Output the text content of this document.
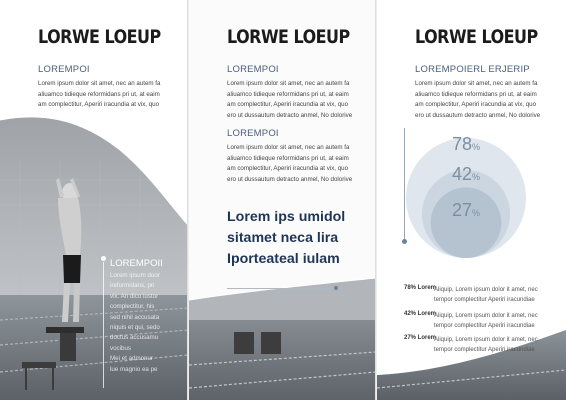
LORWE LOEUP
LOREMPOI
Lorem ipsum dolor sit amet, nec an autem fa
aliuamco tidieque reformidans pri ut, at eaim
am complectitur, Aperiri iracundia at vix, quo
LOREMPOII
Lorem ipsum door
ireformidans, pri
vix. An dico iustor
complectitur, his
sed nihil accusata
niquis et qui, sedo
doctus accusamu
vocibus
Mei et admonur
lue magnio ea pe
LORWE LOEUP
LOREMPOI
Lorem ipsum dolor sit amet, nec an autem fa
aliuamco tidieque reformidans pri ut, at eaim
am complectitur, Aperiri iracundia at vix, quo
ero ut dussautum detracto anmel, No dolorive
LOREMPOI
Lorem ipsum dolor sit amet, nec an autem fa
aliuamco tidieque reformidans pri ut, at eaim
am complectitur, Aperiri iracundia at vix, quo
ero ut dussautum detracto anmel, No dolorive
LORWE LOEUP
LOREMPOIERL ERJERIP
Lorem ipsum dolor sit amet, nec an autem fa
aliuamco tidieque reformidans pri ut, at eaim
am complectitur, Aperiri iracundia at vix, quo
ero ut dussautum detracto anmel, No dolorive
78%
42%
27%
Lorem ips umidol
sitamet neca lira
Iporteateal iulam
78% Lorem
Aliquip, Lorem ipsum dolor it amet, nec
tempor complectitur Aperiri iracundiae
42% Lorem
Aliquip, Lorem ipsum dolor it amet, nec
tempor complectitur Aperiri iracundiae
27% Lorem
Aliquip, Lorem ipsum dolor it amet, nec
tempor complectitur Aperiri iracundiae
